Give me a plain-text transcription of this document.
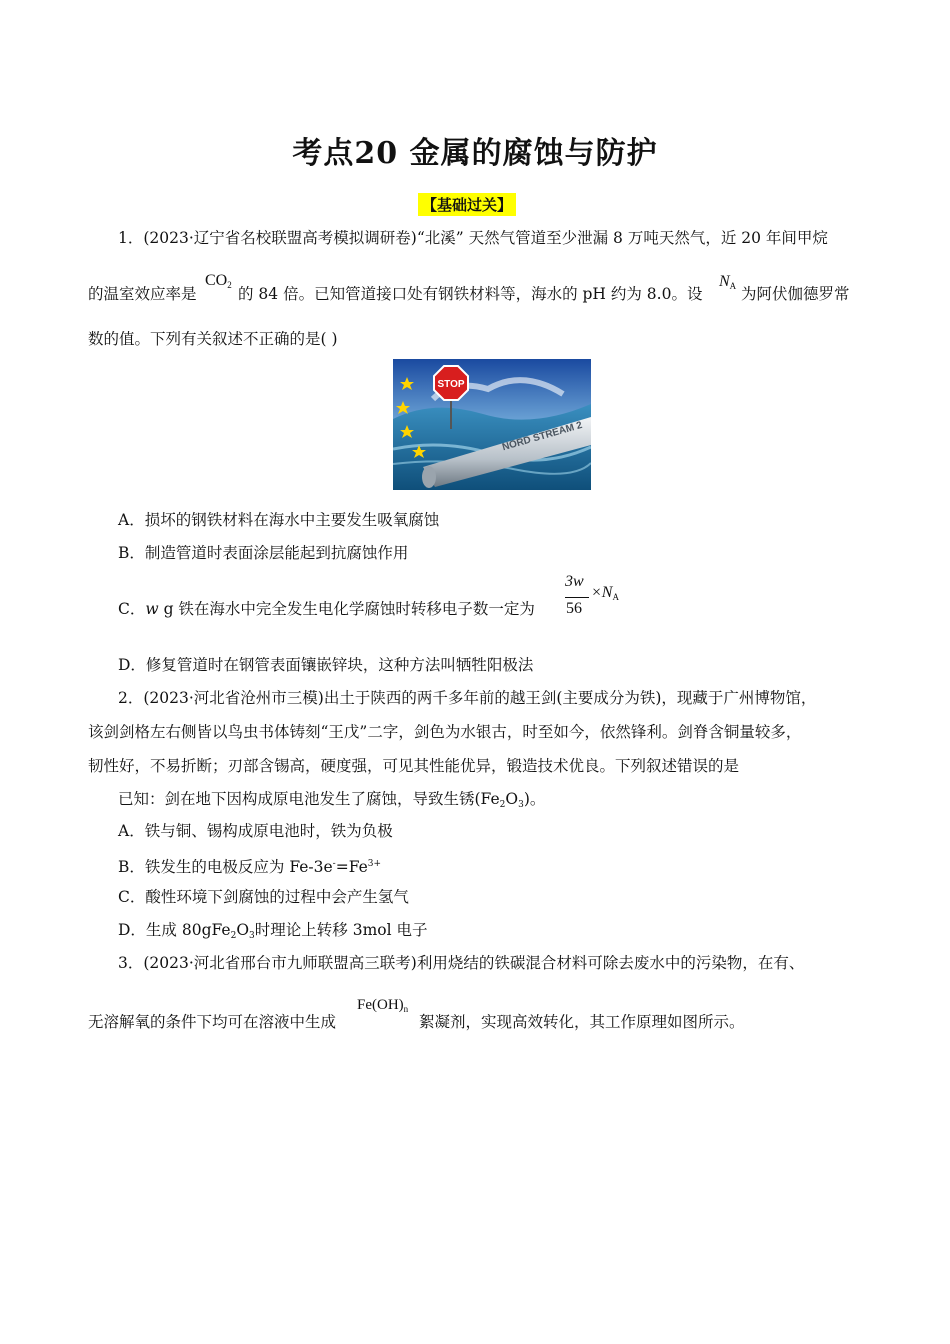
考点20 金属的腐蚀与防护
【基础过关】
1．(2023·辽宁省名校联盟高考模拟调研卷)“北溪” 天然气管道至少泄漏 8 万吨天然气，近 20 年间甲烷
的温室效应率是
$CO_2$ 的 84 倍。已知管道接口处有钢铁材料等，海水的 pH 约为 8.0。设
$N_A$ 为阿伏伽德罗常
数的值。下列有关叙述不正确的是( )
STOP
NORD STREAM 2
A．损坏的钢铁材料在海水中主要发生吸氧腐蚀
B．制造管道时表面涂层能起到抗腐蚀作用
C．w g 铁在海水中完全发生电化学腐蚀时转移电子数一定为
3w
56
$\times N_A$
D．修复管道时在钢管表面镶嵌锌块，这种方法叫牺牲阳极法
2．(2023·河北省沧州市三模)出土于陕西的两千多年前的越王剑(主要成分为铁)，现藏于广州博物馆，
该剑剑格左右侧皆以鸟虫书体铸刻“王戊”二字，剑色为水银古，时至如今，依然锋利。剑脊含铜量较多，
韧性好，不易折断；刃部含锡高，硬度强，可见其性能优异，锻造技术优良。下列叙述错误的是
已知：剑在地下因构成原电池发生了腐蚀，导致生锈$(Fe_2O_3)$。
A．铁与铜、锡构成原电池时，铁为负极
B．铁发生的电极反应为 $Fe-3e^-=Fe^{3+}$
C．酸性环境下剑腐蚀的过程中会产生氢气
D．生成 $80gFe_2O_3$时理论上转移 3mol 电子
3．(2023·河北省邢台市九师联盟高三联考)利用烧结的铁碳混合材料可除去废水中的污染物，在有、
无溶解氧的条件下均可在溶液中生成
$Fe(OH)_n$
絮凝剂，实现高效转化，其工作原理如图所示。
